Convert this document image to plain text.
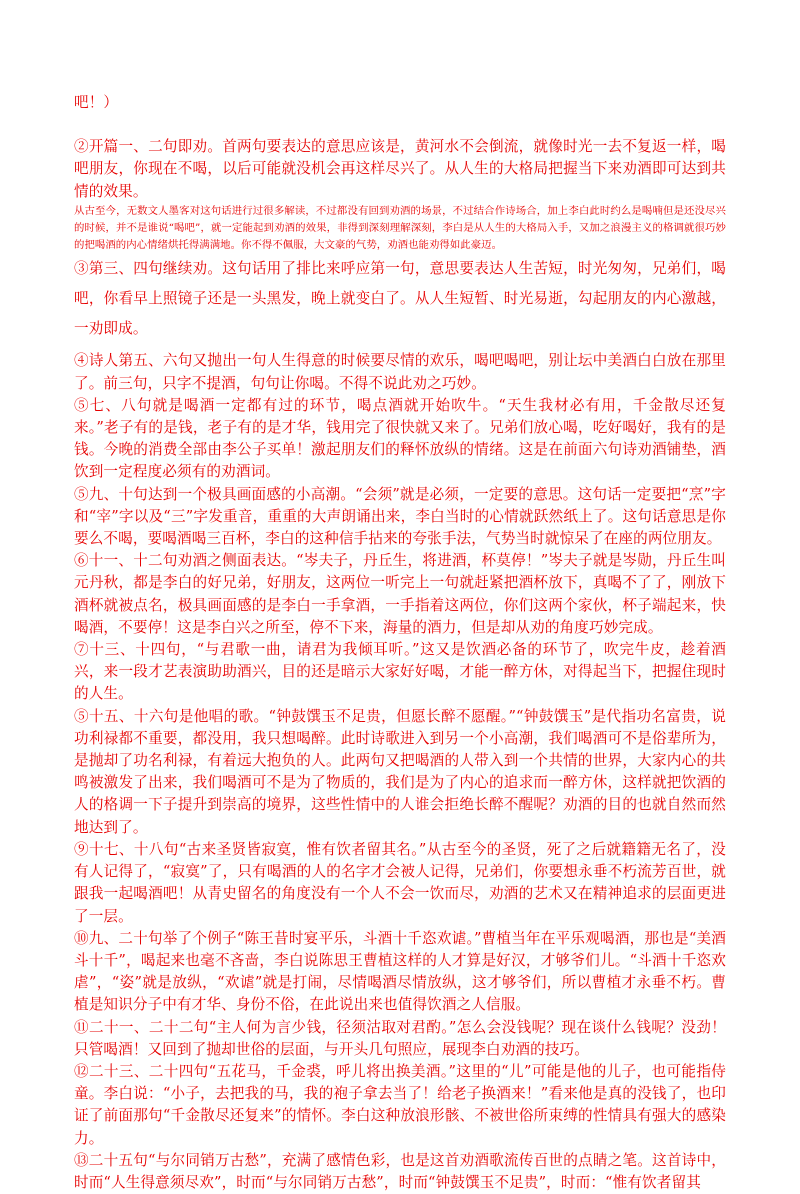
吧！）

②开篇一、二句即劝。首两句要表达的意思应该是，黄河水不会倒流，就像时光一去不复返一样，喝吧朋友，你现在不喝，以后可能就没机会再这样尽兴了。从人生的大格局把握当下来劝酒即可达到共情的效果。

从古至今，无数文人墨客对这句话进行过很多解读，不过都没有回到劝酒的场景，不过结合作诗场合，加上李白此时约么是喝喃但是还没尽兴的时候，并不是谁说“喝吧”，就一定能起到劝酒的效果，非得到深刻理解深刻，李白是从人生的大格局入手，又加之浪漫主义的格调就很巧妙的把喝酒的内心情绪烘托得满满地。你不得不佩服，大文豪的气势，劝酒也能劝得如此豪迈。

③第三、四句继续劝。这句话用了排比来呼应第一句，意思要表达人生苦短，时光匆匆，兄弟们，喝吧，你看早上照镜子还是一头黑发，晚上就变白了。从人生短暂、时光易逝，勾起朋友的内心激越，一劝即成。

④诗人第五、六句又抛出一句人生得意的时候要尽情的欢乐，喝吧喝吧，别让坛中美酒白白放在那里了。前三句，只字不提酒，句句让你喝。不得不说此劝之巧妙。

⑤七、八句就是喝酒一定都有过的环节，喝点酒就开始吹牛。“天生我材必有用，千金散尽还复来。”老子有的是钱，老子有的是才华，钱用完了很快就又来了。兄弟们放心喝，吃好喝好，我有的是钱。今晚的消费全部由李公子买单！激起朋友们的释怀放纵的情绪。这是在前面六句诗劝酒铺垫，酒饮到一定程度必须有的劝酒词。

⑤九、十句达到一个极具画面感的小高潮。“会须”就是必须，一定要的意思。这句话一定要把“烹”字和“宰”字以及“三”字发重音，重重的大声朗诵出来，李白当时的心情就跃然纸上了。这句话意思是你要么不喝，要喝酒喝三百杯，李白的这种信手拈来的夸张手法，气势当时就惊呆了在座的两位朋友。

⑥十一、十二句劝酒之侧面表达。“岑夫子，丹丘生，将进酒，杯莫停！”岑夫子就是岑勋，丹丘生叫元丹秋，都是李白的好兄弟，好朋友，这两位一听完上一句就赶紧把酒杯放下，真喝不了了，刚放下酒杯就被点名，极具画面感的是李白一手拿酒，一手指着这两位，你们这两个家伙，杯子端起来，快喝酒，不要停！这是李白兴之所至，停不下来，海量的酒力，但是却从劝的角度巧妙完成。

⑦十三、十四句，“与君歌一曲，请君为我倾耳听。”这又是饮酒必备的环节了，吹完牛皮，趁着酒兴，来一段才艺表演助助酒兴，目的还是暗示大家好好喝，才能一醉方休，对得起当下，把握住现时的人生。

⑤十五、十六句是他唱的歌。“钟鼓馔玉不足贵，但愿长醉不愿醒。”“钟鼓馔玉”是代指功名富贵，说功利禄都不重要，都没用，我只想喝醉。此时诗歌进入到另一个小高潮，我们喝酒可不是俗辈所为，是抛却了功名利禄，有着远大抱负的人。此两句又把喝酒的人带入到一个共情的世界，大家内心的共鸣被激发了出来，我们喝酒可不是为了物质的，我们是为了内心的追求而一醉方休，这样就把饮酒的人的格调一下子提升到崇高的境界，这些性情中的人谁会拒绝长醉不醒呢？劝酒的目的也就自然而然地达到了。

⑨十七、十八句“古来圣贤皆寂寞，惟有饮者留其名。”从古至今的圣贤，死了之后就籍籍无名了，没有人记得了，“寂寞”了，只有喝酒的人的名字才会被人记得，兄弟们，你要想永垂不朽流芳百世，就跟我一起喝酒吧！从青史留名的角度没有一个人不会一饮而尽，劝酒的艺术又在精神追求的层面更进了一层。

⑩九、二十句举了个例子“陈王昔时宴平乐，斗酒十千恣欢谑。”曹植当年在平乐观喝酒，那也是“美酒斗十千”，喝起来也毫不吝啬，李白说陈思王曹植这样的人才算是好汉，才够爷们儿。“斗酒十千恣欢虐”，“姿”就是放纵，“欢谑”就是打闹，尽情喝酒尽情放纵，这才够爷们，所以曹植才永垂不朽。曹植是知识分子中有才华、身份不俗，在此说出来也值得饮酒之人信服。

⑪二十一、二十二句“主人何为言少钱，径须沽取对君酌。”怎么会没钱呢？现在谈什么钱呢？没劲！只管喝酒！又回到了抛却世俗的层面，与开头几句照应，展现李白劝酒的技巧。

⑫二十三、二十四句“五花马，千金裘，呼儿将出换美酒。”这里的“儿”可能是他的儿子，也可能指侍童。李白说：“小子，去把我的马，我的袍子拿去当了！给老子换酒来！”看来他是真的没钱了，也印证了前面那句“千金散尽还复来”的情怀。李白这种放浪形骸、不被世俗所束缚的性情具有强大的感染力。

⑬二十五句“与尔同销万古愁”，充满了感情色彩，也是这首劝酒歌流传百世的点睛之笔。这首诗中，时而“人生得意须尽欢”，时而“与尔同销万古愁”，时而“钟鼓馔玉不足贵”，时而：“惟有饮者留其
